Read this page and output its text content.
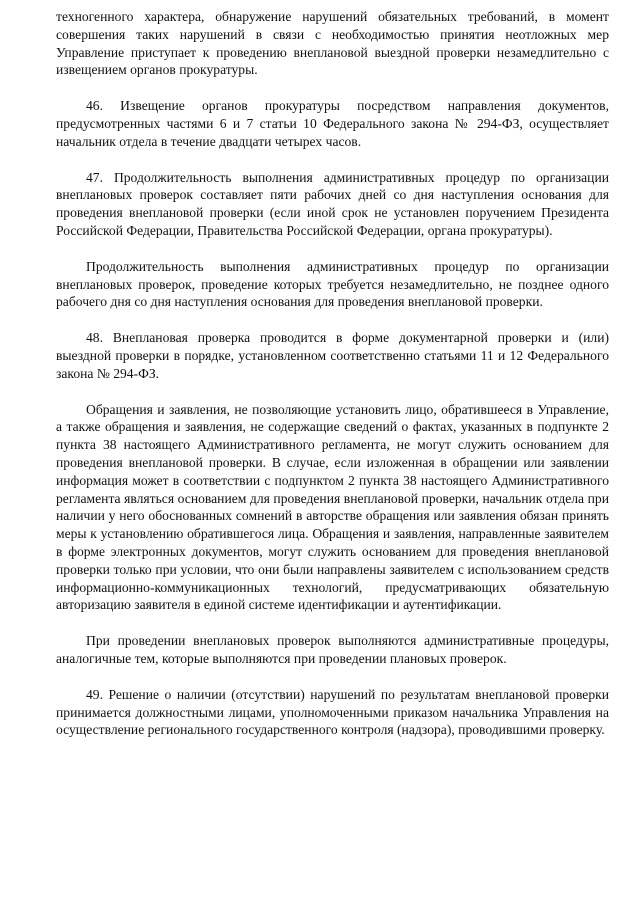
техногенного характера, обнаружение нарушений обязательных требований, в момент совершения таких нарушений в связи с необходимостью принятия неотложных мер Управление приступает к проведению внеплановой выездной проверки незамедлительно с извещением органов прокуратуры.

46. Извещение органов прокуратуры посредством направления документов, предусмотренных частями 6 и 7 статьи 10 Федерального закона № 294-ФЗ, осуществляет начальник отдела в течение двадцати четырех часов.

47. Продолжительность выполнения административных процедур по организации внеплановых проверок составляет пяти рабочих дней со дня наступления основания для проведения внеплановой проверки (если иной срок не установлен поручением Президента Российской Федерации, Правительства Российской Федерации, органа прокуратуры).

Продолжительность выполнения административных процедур по организации внеплановых проверок, проведение которых требуется незамедлительно, не позднее одного рабочего дня со дня наступления основания для проведения внеплановой проверки.

48. Внеплановая проверка проводится в форме документарной проверки и (или) выездной проверки в порядке, установленном соответственно статьями 11 и 12 Федерального закона № 294-ФЗ.

Обращения и заявления, не позволяющие установить лицо, обратившееся в Управление, а также обращения и заявления, не содержащие сведений о фактах, указанных в подпункте 2 пункта 38 настоящего Административного регламента, не могут служить основанием для проведения внеплановой проверки. В случае, если изложенная в обращении или заявлении информация может в соответствии с подпунктом 2 пункта 38 настоящего Административного регламента являться основанием для проведения внеплановой проверки, начальник отдела при наличии у него обоснованных сомнений в авторстве обращения или заявления обязан принять меры к установлению обратившегося лица. Обращения и заявления, направленные заявителем в форме электронных документов, могут служить основанием для проведения внеплановой проверки только при условии, что они были направлены заявителем с использованием средств информационно-коммуникационных технологий, предусматривающих обязательную авторизацию заявителя в единой системе идентификации и аутентификации.

При проведении внеплановых проверок выполняются административные процедуры, аналогичные тем, которые выполняются при проведении плановых проверок.

49. Решение о наличии (отсутствии) нарушений по результатам внеплановой проверки принимается должностными лицами, уполномоченными приказом начальника Управления на осуществление регионального государственного контроля (надзора), проводившими проверку.
